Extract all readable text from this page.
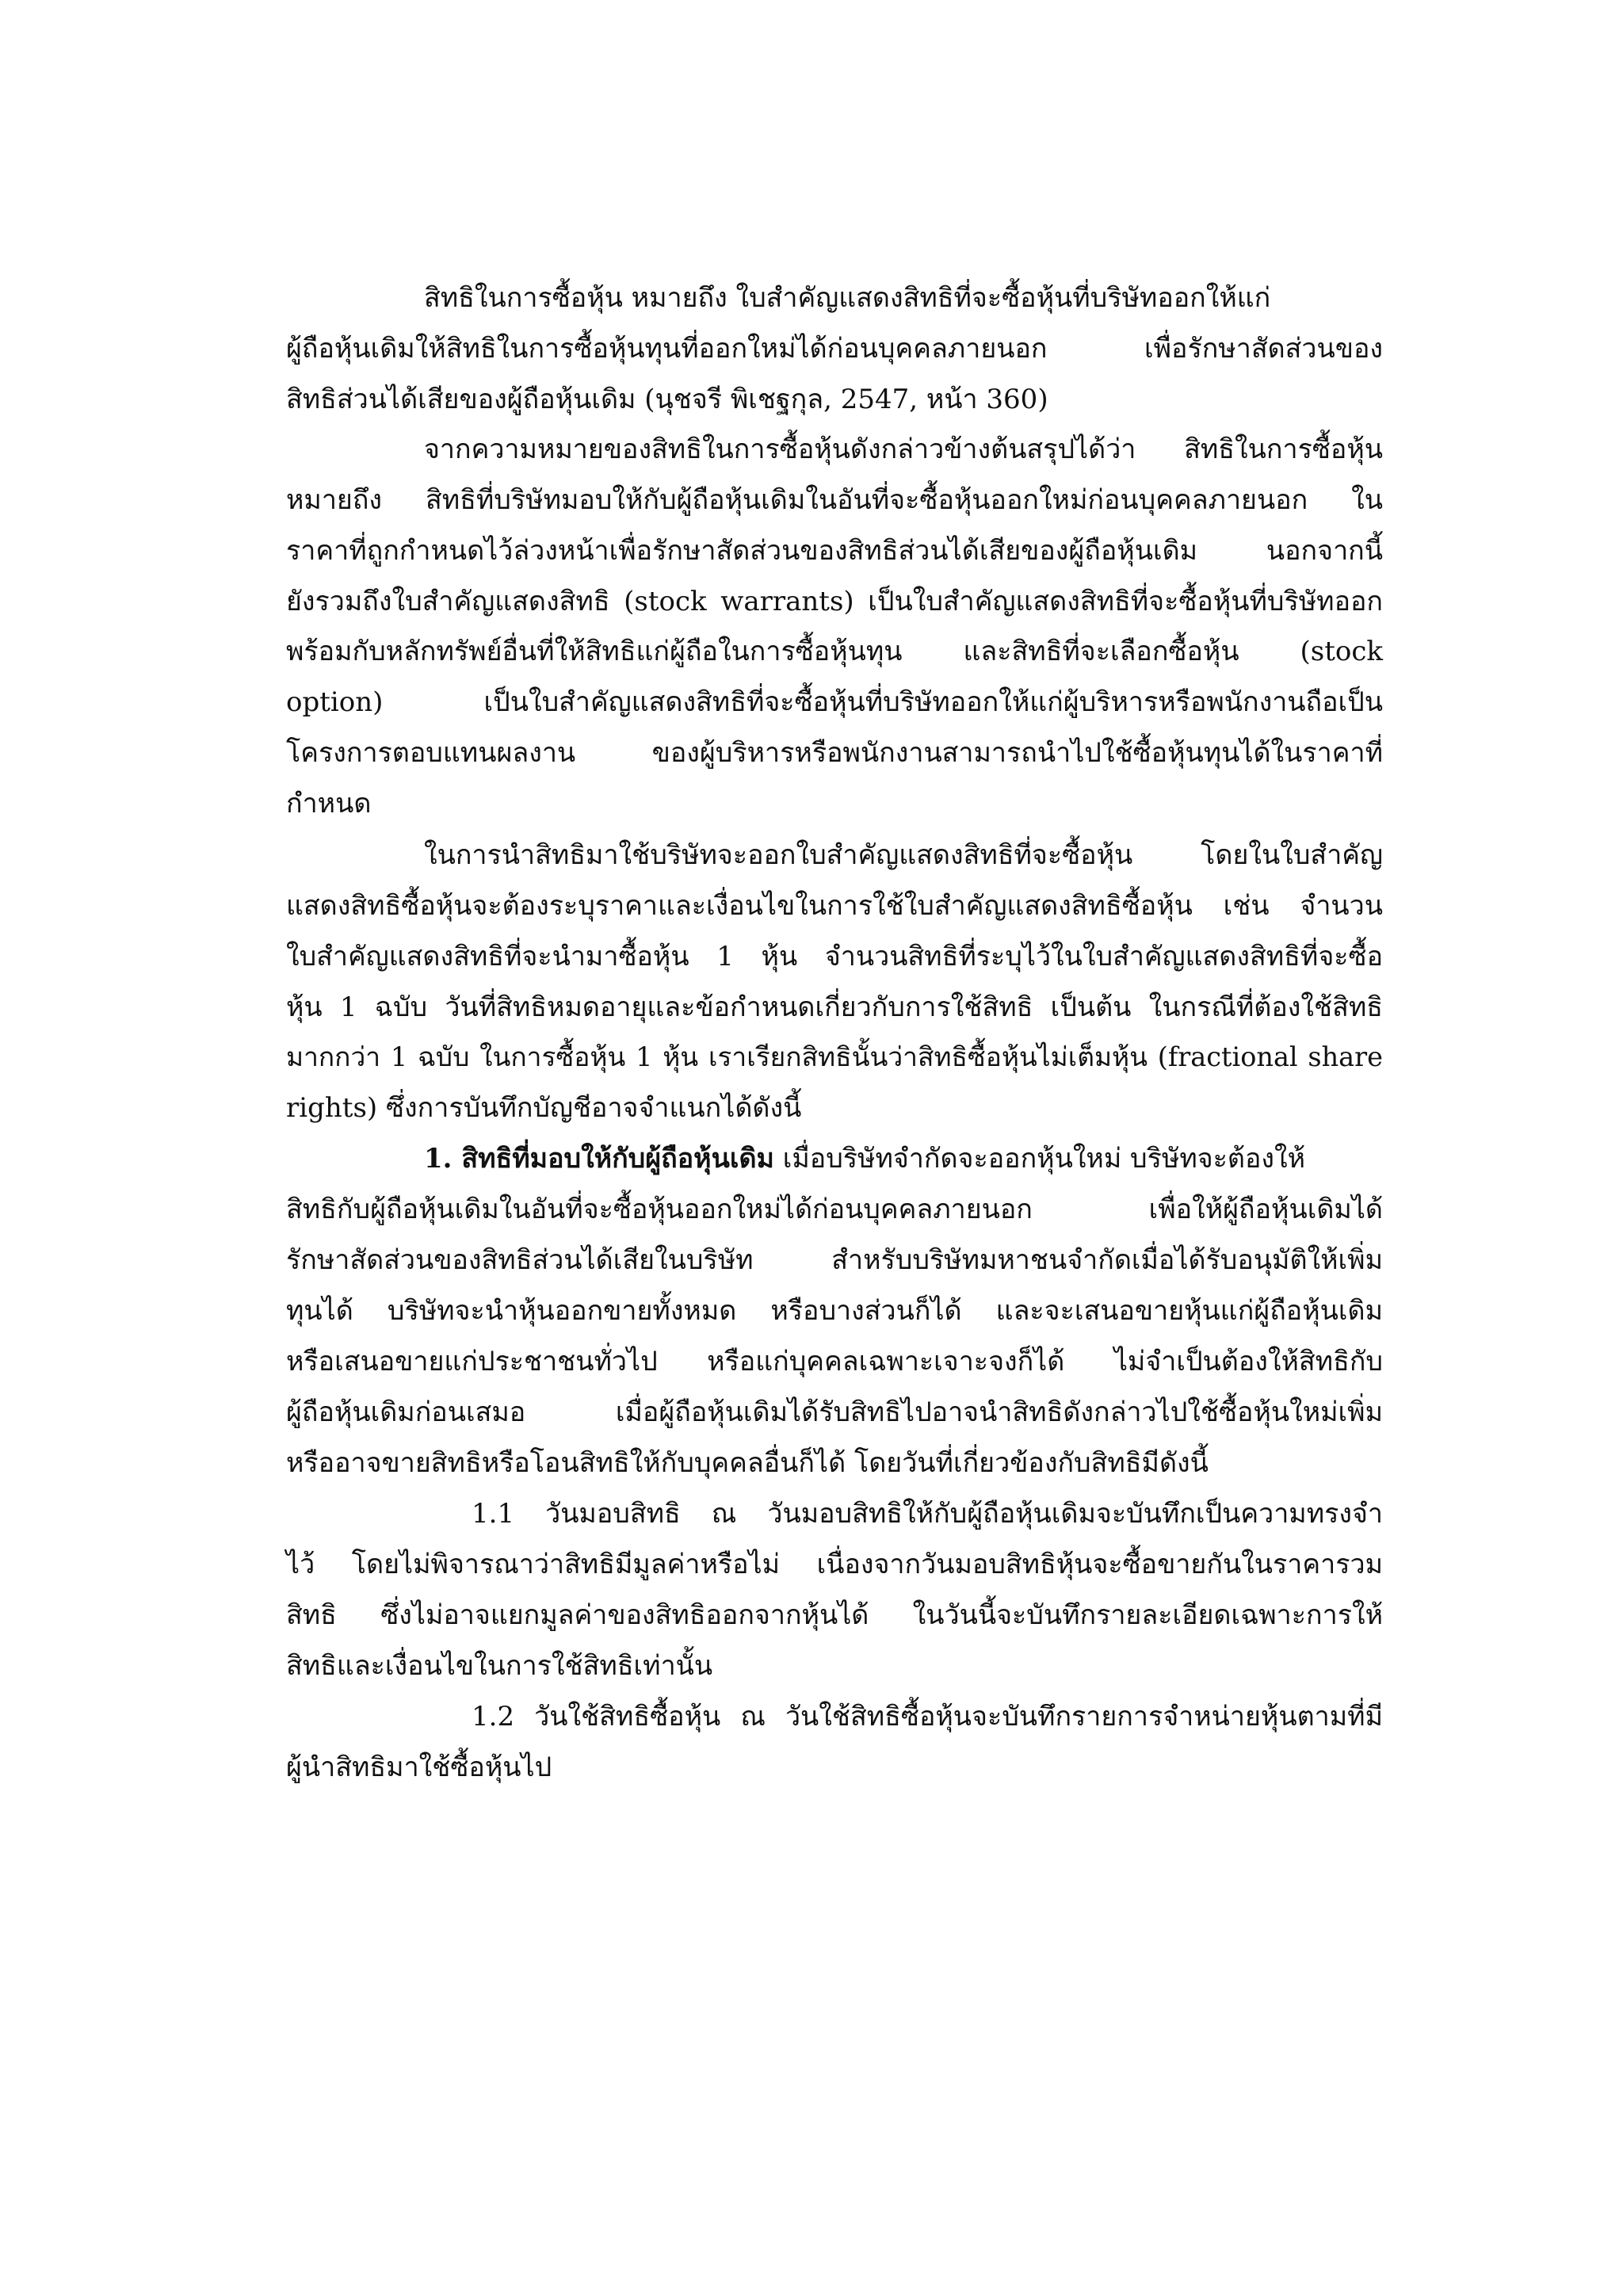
สิทธิในการซื้อหุ้น หมายถึง ใบสำคัญแสดงสิทธิที่จะซื้อหุ้นที่บริษัทออกให้แก่
ผู้ถือหุ้นเดิมให้สิทธิในการซื้อหุ้นทุนที่ออกใหม่ได้ก่อนบุคคลภายนอก เพื่อรักษาสัดส่วนของ
สิทธิส่วนได้เสียของผู้ถือหุ้นเดิม (นุชจรี พิเชฐกุล, 2547, หน้า 360)
จากความหมายของสิทธิในการซื้อหุ้นดังกล่าวข้างต้นสรุปได้ว่า สิทธิในการซื้อหุ้น
หมายถึง สิทธิที่บริษัทมอบให้กับผู้ถือหุ้นเดิมในอันที่จะซื้อหุ้นออกใหม่ก่อนบุคคลภายนอก ใน
ราคาที่ถูกกำหนดไว้ล่วงหน้าเพื่อรักษาสัดส่วนของสิทธิส่วนได้เสียของผู้ถือหุ้นเดิม นอกจากนี้
ยังรวมถึงใบสำคัญแสดงสิทธิ (stock warrants) เป็นใบสำคัญแสดงสิทธิที่จะซื้อหุ้นที่บริษัทออก
พร้อมกับหลักทรัพย์อื่นที่ให้สิทธิแก่ผู้ถือในการซื้อหุ้นทุน และสิทธิที่จะเลือกซื้อหุ้น (stock
option) เป็นใบสำคัญแสดงสิทธิที่จะซื้อหุ้นที่บริษัทออกให้แก่ผู้บริหารหรือพนักงานถือเป็น
โครงการตอบแทนผลงาน ของผู้บริหารหรือพนักงานสามารถนำไปใช้ซื้อหุ้นทุนได้ในราคาที่
กำหนด
ในการนำสิทธิมาใช้บริษัทจะออกใบสำคัญแสดงสิทธิที่จะซื้อหุ้น โดยในใบสำคัญ
แสดงสิทธิซื้อหุ้นจะต้องระบุราคาและเงื่อนไขในการใช้ใบสำคัญแสดงสิทธิซื้อหุ้น เช่น จำนวน
ใบสำคัญแสดงสิทธิที่จะนำมาซื้อหุ้น 1 หุ้น จำนวนสิทธิที่ระบุไว้ในใบสำคัญแสดงสิทธิที่จะซื้อ
หุ้น 1 ฉบับ วันที่สิทธิหมดอายุและข้อกำหนดเกี่ยวกับการใช้สิทธิ เป็นต้น ในกรณีที่ต้องใช้สิทธิ
มากกว่า 1 ฉบับ ในการซื้อหุ้น 1 หุ้น เราเรียกสิทธินั้นว่าสิทธิซื้อหุ้นไม่เต็มหุ้น (fractional share
rights) ซึ่งการบันทึกบัญชีอาจจำแนกได้ดังนี้
1. สิทธิที่มอบให้กับผู้ถือหุ้นเดิม เมื่อบริษัทจำกัดจะออกหุ้นใหม่ บริษัทจะต้องให้
สิทธิกับผู้ถือหุ้นเดิมในอันที่จะซื้อหุ้นออกใหม่ได้ก่อนบุคคลภายนอก เพื่อให้ผู้ถือหุ้นเดิมได้
รักษาสัดส่วนของสิทธิส่วนได้เสียในบริษัท สำหรับบริษัทมหาชนจำกัดเมื่อได้รับอนุมัติให้เพิ่ม
ทุนได้ บริษัทจะนำหุ้นออกขายทั้งหมด หรือบางส่วนก็ได้ และจะเสนอขายหุ้นแก่ผู้ถือหุ้นเดิม
หรือเสนอขายแก่ประชาชนทั่วไป หรือแก่บุคคลเฉพาะเจาะจงก็ได้ ไม่จำเป็นต้องให้สิทธิกับ
ผู้ถือหุ้นเดิมก่อนเสมอ เมื่อผู้ถือหุ้นเดิมได้รับสิทธิไปอาจนำสิทธิดังกล่าวไปใช้ซื้อหุ้นใหม่เพิ่ม
หรืออาจขายสิทธิหรือโอนสิทธิให้กับบุคคลอื่นก็ได้ โดยวันที่เกี่ยวข้องกับสิทธิมีดังนี้
1.1 วันมอบสิทธิ ณ วันมอบสิทธิให้กับผู้ถือหุ้นเดิมจะบันทึกเป็นความทรงจำ
ไว้ โดยไม่พิจารณาว่าสิทธิมีมูลค่าหรือไม่ เนื่องจากวันมอบสิทธิหุ้นจะซื้อขายกันในราคารวม
สิทธิ ซึ่งไม่อาจแยกมูลค่าของสิทธิออกจากหุ้นได้ ในวันนี้จะบันทึกรายละเอียดเฉพาะการให้
สิทธิและเงื่อนไขในการใช้สิทธิเท่านั้น
1.2 วันใช้สิทธิซื้อหุ้น ณ วันใช้สิทธิซื้อหุ้นจะบันทึกรายการจำหน่ายหุ้นตามที่มี
ผู้นำสิทธิมาใช้ซื้อหุ้นไป
